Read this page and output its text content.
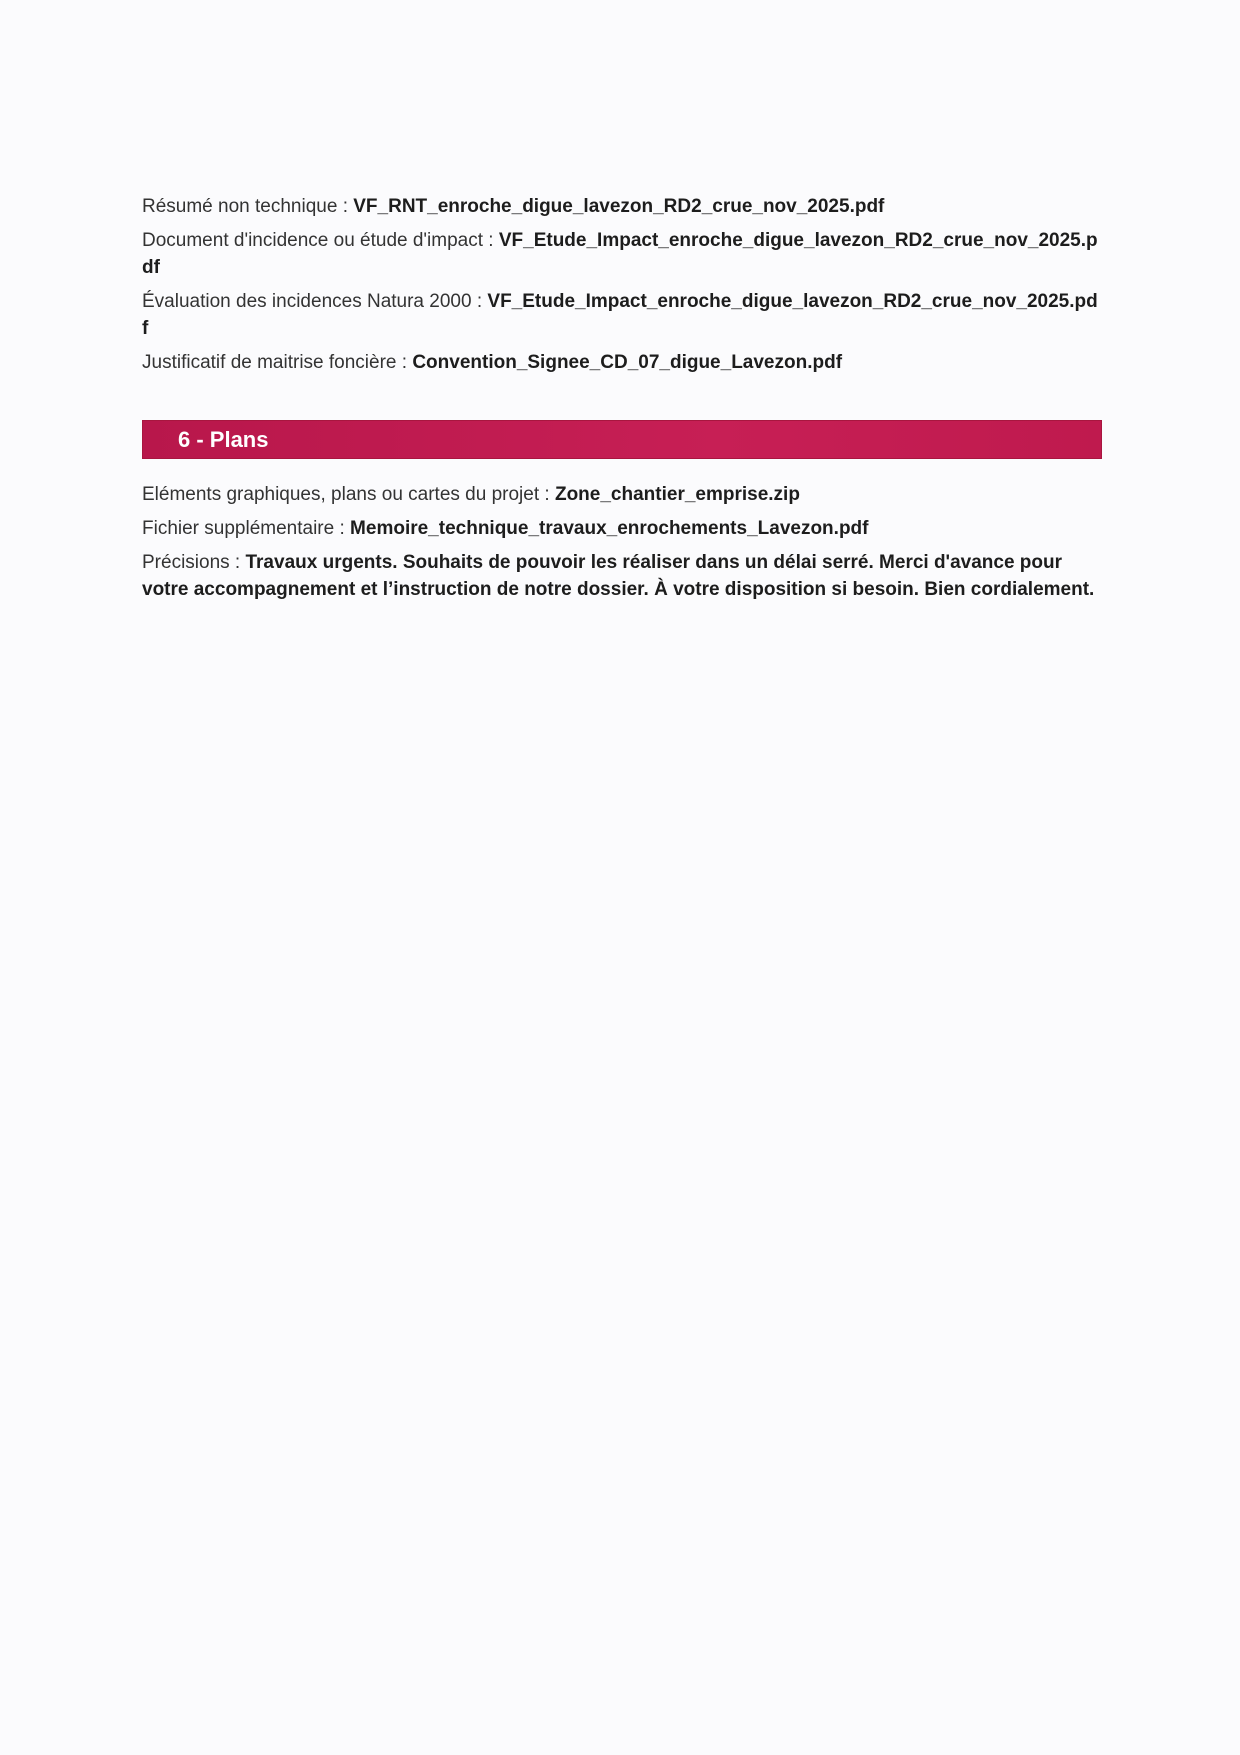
Résumé non technique : VF_RNT_enroche_digue_lavezon_RD2_crue_nov_2025.pdf

Document d'incidence ou étude d'impact : VF_Etude_Impact_enroche_digue_lavezon_RD2_crue_nov_2025.pdf

Évaluation des incidences Natura 2000 : VF_Etude_Impact_enroche_digue_lavezon_RD2_crue_nov_2025.pdf

Justificatif de maitrise foncière : Convention_Signee_CD_07_digue_Lavezon.pdf

6 - Plans

Eléments graphiques, plans ou cartes du projet : Zone_chantier_emprise.zip

Fichier supplémentaire : Memoire_technique_travaux_enrochements_Lavezon.pdf

Précisions : Travaux urgents. Souhaits de pouvoir les réaliser dans un délai serré. Merci d'avance pour votre accompagnement et l’instruction de notre dossier. À votre disposition si besoin. Bien cordialement.
